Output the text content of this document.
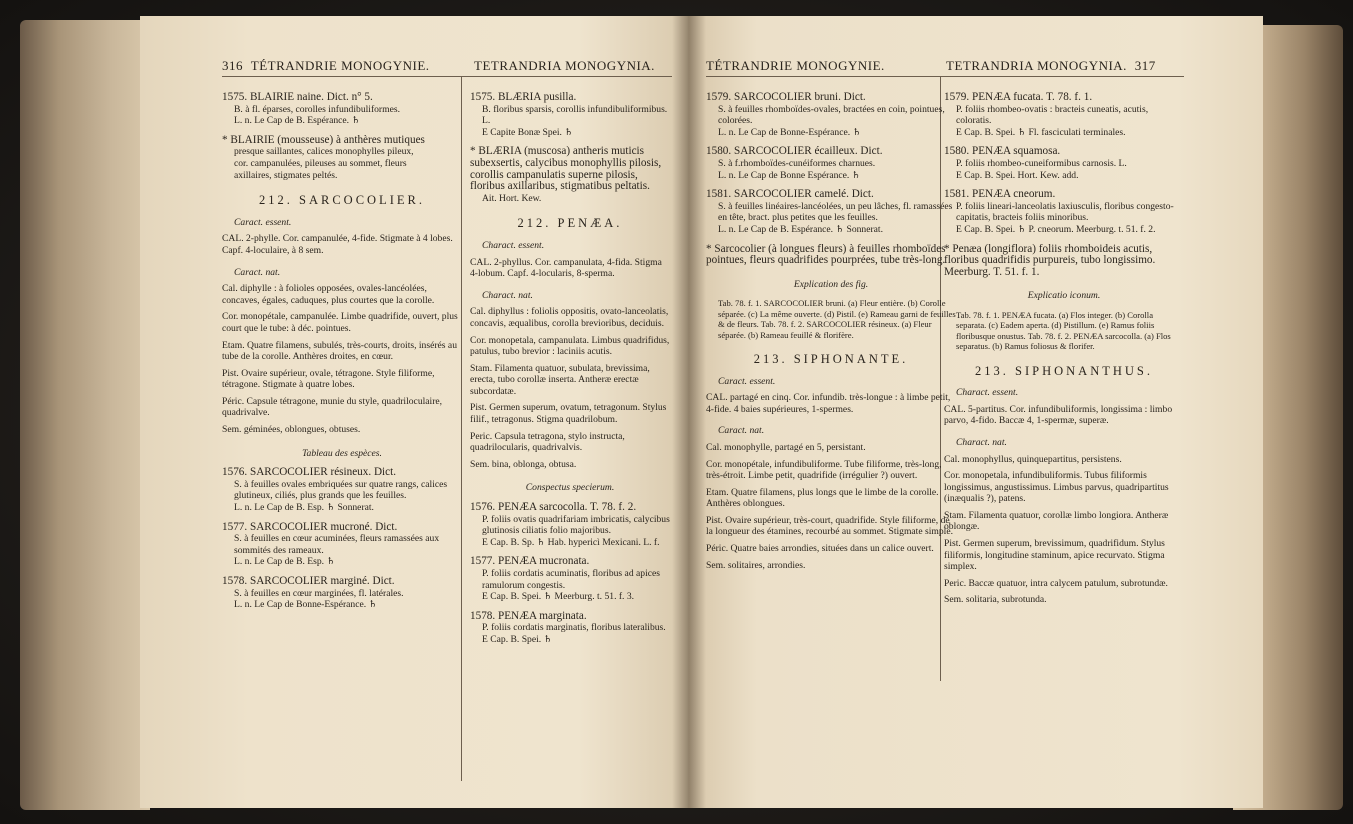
316 TÉTRANDRIE MONOGYNIE.	TETRANDRIA MONOGYNIA.
1575. BLAIRIE naine. Dict. n° 5.
B. à fl. éparses, corolles infundibuliformes.
L. n. Le Cap de B. Espérance. ♄
* BLAIRIE (mousseuse) à anthères mutiques
presque saillantes, calices monophylles pileux,
cor. campanulées, pileuses au sommet, fleurs
axillaires, stigmates peltés.
212. SARCOCOLIER.
Caract. essent.
CAL. 2-phylle. Cor. campanulée, 4-fide. Stigmate à 4 lobes. Capf. 4-loculaire, à 8 sem.
Caract. nat.
Cal. diphylle : à folioles opposées, ovales-lancéolées, concaves, égales, caduques, plus courtes que la corolle.
Cor. monopétale, campanulée. Limbe quadrifide, ouvert, plus court que le tube: à déc. pointues.
Etam. Quatre filamens, subulés, très-courts, droits, insérés au tube de la corolle. Anthères droites, en cœur.
Pist. Ovaire supérieur, ovale, tétragone. Style filiforme, tétragone. Stigmate à quatre lobes.
Péric. Capsule tétragone, munie du style, quadriloculaire, quadrivalve.
Sem. géminées, oblongues, obtuses.
Tableau des espèces.
1576. SARCOCOLIER résineux. Dict.
S. à feuilles ovales embriquées sur quatre rangs, calices glutineux, ciliés, plus grands que les feuilles.
L. n. Le Cap de B. Esp. ♄ Sonnerat.
1577. SARCOCOLIER mucroné. Dict.
S. à feuilles en cœur acuminées, fleurs ramassées aux sommités des rameaux.
L. n. Le Cap de B. Esp. ♄
1578. SARCOCOLIER marginé. Dict.
S. à feuilles en cœur marginées, fl. latérales.
L. n. Le Cap de Bonne-Espérance. ♄
1575. BLÆRIA pusilla.
B. floribus sparsis, corollis infundibuliformibus. L.
E Capite Bonæ Spei. ♄
* BLÆRIA (muscosa) antheris muticis subexsertis, calycibus monophyllis pilosis, corollis campanulatis superne pilosis, floribus axillaribus, stigmatibus peltatis.
Ait. Hort. Kew.
212. PENÆA.
Charact. essent.
CAL. 2-phyllus. Cor. campanulata, 4-fida. Stigma 4-lobum. Capf. 4-locularis, 8-sperma.
Charact. nat.
Cal. diphyllus : foliolis oppositis, ovato-lanceolatis, concavis, æqualibus, corolla brevioribus, deciduis.
Cor. monopetala, campanulata. Limbus quadrifidus, patulus, tubo brevior : laciniis acutis.
Stam. Filamenta quatuor, subulata, brevissima, erecta, tubo corollæ inserta. Antheræ erectæ subcordatæ.
Pist. Germen superum, ovatum, tetragonum. Stylus filif., tetragonus. Stigma quadrilobum.
Peric. Capsula tetragona, stylo instructa, quadrilocularis, quadrivalvis.
Sem. bina, oblonga, obtusa.
Conspectus specierum.
1576. PENÆA sarcocolla. T. 78. f. 2.
P. foliis ovatis quadrifariam imbricatis, calycibus glutinosis ciliatis folio majoribus.
E Cap. B. Sp. ♄ Hab. hypericì Mexicani. L. f.
1577. PENÆA mucronata.
P. foliis cordatis acuminatis, floribus ad apices ramulorum congestis.
E Cap. B. Spei. ♄ Meerburg. t. 51. f. 3.
1578. PENÆA marginata.
P. foliis cordatis marginatis, floribus lateralibus.
E Cap. B. Spei. ♄
TÉTRANDRIE MONOGYNIE.	TETRANDRIA MONOGYNIA. 317
1579. SARCOCOLIER bruni. Dict.
S. à feuilles rhomboïdes-ovales, bractées en coin, pointues, colorées.
L. n. Le Cap de Bonne-Espérance. ♄
1580. SARCOCOLIER écailleux. Dict.
S. à f.rhomboïdes-cunéiformes charnues.
L. n. Le Cap de Bonne Espérance. ♄
1581. SARCOCOLIER camelé. Dict.
S. à feuilles linéaires-lancéolées, un peu lâches, fl. ramassées en tête, bract. plus petites que les feuilles.
L. n. Le Cap de B. Espérance. ♄ Sonnerat.
* Sarcocolier (à longues fleurs) à feuilles rhomboïdes pointues, fleurs quadrifides pourprées, tube très-long.
Explication des fig.
Tab. 78. f. 1. SARCOCOLIER bruni. (a) Fleur entière. (b) Corolle séparée. (c) La même ouverte. (d) Pistil. (e) Rameau garni de feuilles & de fleurs. Tab. 78. f. 2. SARCOCOLIER résineux. (a) Fleur séparée. (b) Rameau feuillé & florifère.
213. SIPHONANTE.
Caract. essent.
CAL. partagé en cinq. Cor. infundib. très-longue : à limbe petit, 4-fide. 4 baies supérieures, 1-spermes.
Caract. nat.
Cal. monophylle, partagé en 5, persistant.
Cor. monopétale, infundibuliforme. Tube filiforme, très-long, très-étroit. Limbe petit, quadrifide (irrégulier ?) ouvert.
Etam. Quatre filamens, plus longs que le limbe de la corolle. Anthères oblongues.
Pist. Ovaire supérieur, très-court, quadrifide. Style filiforme, de la longueur des étamines, recourbé au sommet. Stigmate simple.
Péric. Quatre baies arrondies, situées dans un calice ouvert.
Sem. solitaires, arrondies.
1579. PENÆA fucata. T. 78. f. 1.
P. foliis rhombeo-ovatis : bracteis cuneatis, acutis, coloratis.
E Cap. B. Spei. ♄ Fl. fasciculati terminales.
1580. PENÆA squamosa.
P. foliis rhombeo-cuneiformibus carnosis. L.
E Cap. B. Spei. Hort. Kew. add.
1581. PENÆA cneorum.
P. foliis lineari-lanceolatis laxiusculis, floribus congesto-capitatis, bracteis foliis minoribus.
E Cap. B. Spei. ♄ P. cneorum. Meerburg. t. 51. f. 2.
* Penæa (longiflora) foliis rhomboideis acutis, floribus quadrifidis purpureis, tubo longissimo. Meerburg. T. 51. f. 1.
Explicatio iconum.
Tab. 78. f. 1. PENÆA fucata. (a) Flos integer. (b) Corolla separata. (c) Eadem aperta. (d) Pistillum. (e) Ramus foliis floribusque onustus. Tab. 78. f. 2. PENÆA sarcocolla. (a) Flos separatus. (b) Ramus foliosus & florifer.
213. SIPHONANTHUS.
Charact. essent.
CAL. 5-partitus. Cor. infundibuliformis, longissima : limbo parvo, 4-fido. Baccæ 4, 1-spermæ, superæ.
Charact. nat.
Cal. monophyllus, quinquepartitus, persistens.
Cor. monopetala, infundibuliformis. Tubus filiformis longissimus, angustissimus. Limbus parvus, quadripartitus (inæqualis ?), patens.
Stam. Filamenta quatuor, corollæ limbo longiora. Antheræ oblongæ.
Pist. Germen superum, brevissimum, quadrifidum. Stylus filiformis, longitudine staminum, apice recurvato. Stigma simplex.
Peric. Baccæ quatuor, intra calycem patulum, subrotundæ.
Sem. solitaria, subrotunda.
